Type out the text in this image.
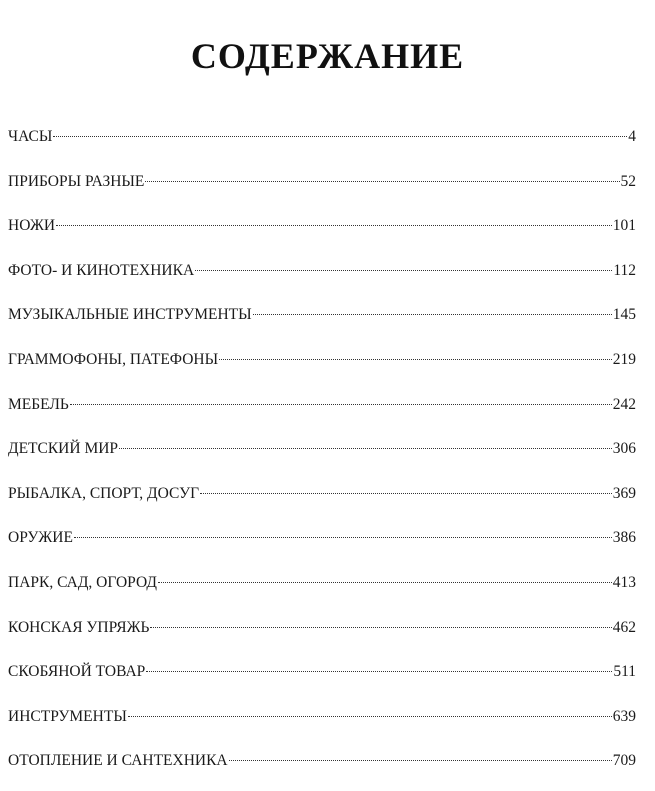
СОДЕРЖАНИЕ
ЧАСЫ	4
ПРИБОРЫ РАЗНЫЕ	52
НОЖИ	101
ФОТО- И КИНОТЕХНИКА	112
МУЗЫКАЛЬНЫЕ ИНСТРУМЕНТЫ	145
ГРАММОФОНЫ, ПАТЕФОНЫ	219
МЕБЕЛЬ	242
ДЕТСКИЙ МИР	306
РЫБАЛКА, СПОРТ, ДОСУГ	369
ОРУЖИЕ	386
ПАРК, САД, ОГОРОД	413
КОНСКАЯ УПРЯЖЬ	462
СКОБЯНОЙ ТОВАР	511
ИНСТРУМЕНТЫ	639
ОТОПЛЕНИЕ И САНТЕХНИКА	709
